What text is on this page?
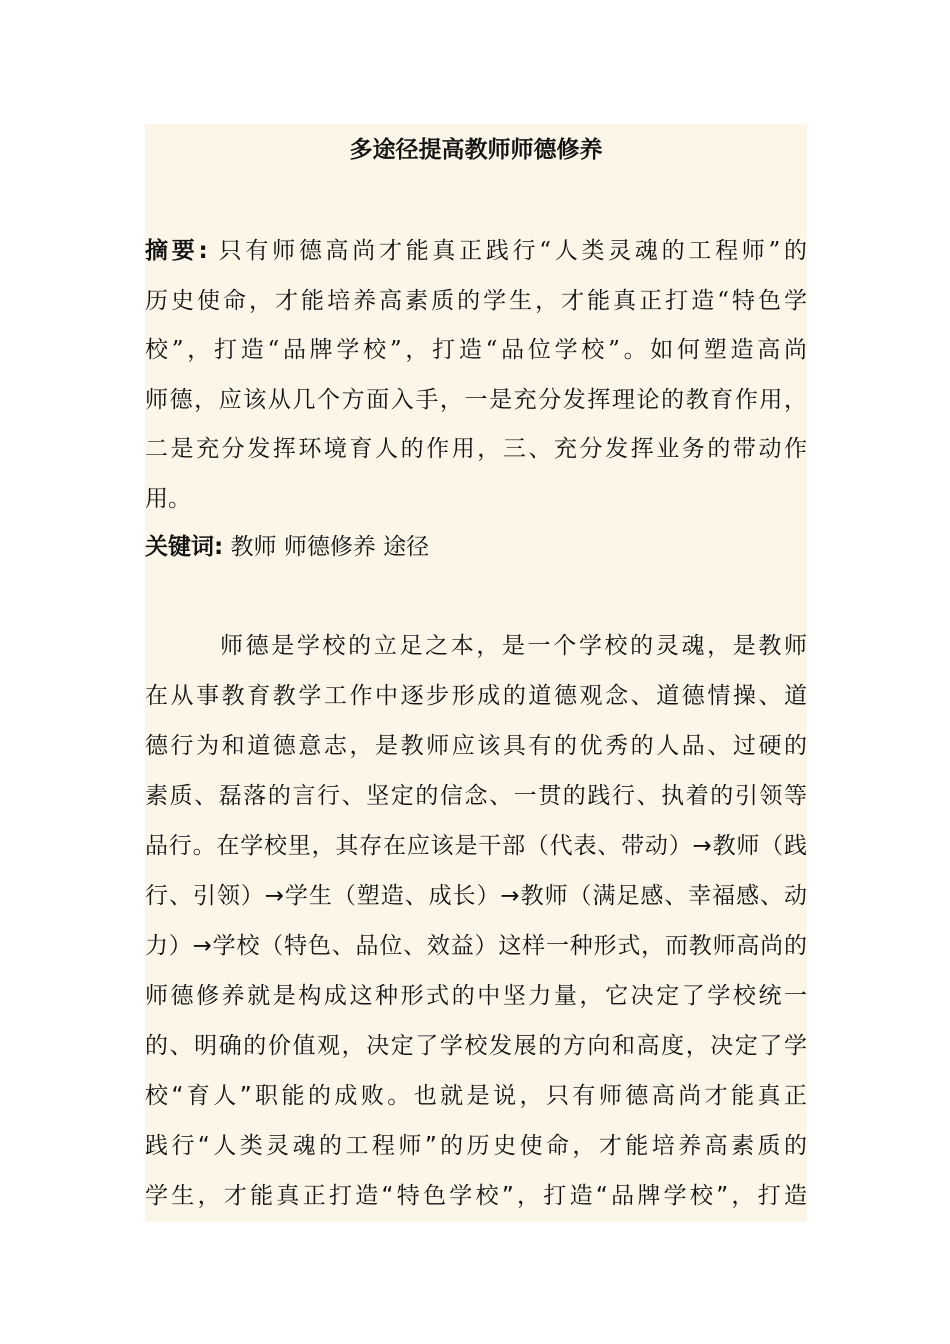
多途径提高教师师德修养
摘要: 只有师德高尚才能真正践行“人类灵魂的工程师”的
历史使命，才能培养高素质的学生，才能真正打造“特色学
校”，打造“品牌学校”，打造“品位学校”。如何塑造高尚
师德，应该从几个方面入手，一是充分发挥理论的教育作用，
二是充分发挥环境育人的作用，三、充分发挥业务的带动作
用。
关键词: 教师 师德修养 途径
师德是学校的立足之本，是一个学校的灵魂，是教师
在从事教育教学工作中逐步形成的道德观念、道德情操、道
德行为和道德意志，是教师应该具有的优秀的人品、过硬的
素质、磊落的言行、坚定的信念、一贯的践行、执着的引领等
品行。在学校里，其存在应该是干部（代表、带动）→教师（践
行、引领）→学生（塑造、成长）→教师（满足感、幸福感、动
力）→学校（特色、品位、效益）这样一种形式，而教师高尚的
师德修养就是构成这种形式的中坚力量，它决定了学校统一
的、明确的价值观，决定了学校发展的方向和高度，决定了学
校“育人”职能的成败。也就是说，只有师德高尚才能真正
践行“人类灵魂的工程师”的历史使命，才能培养高素质的
学生，才能真正打造“特色学校”，打造“品牌学校”，打造
